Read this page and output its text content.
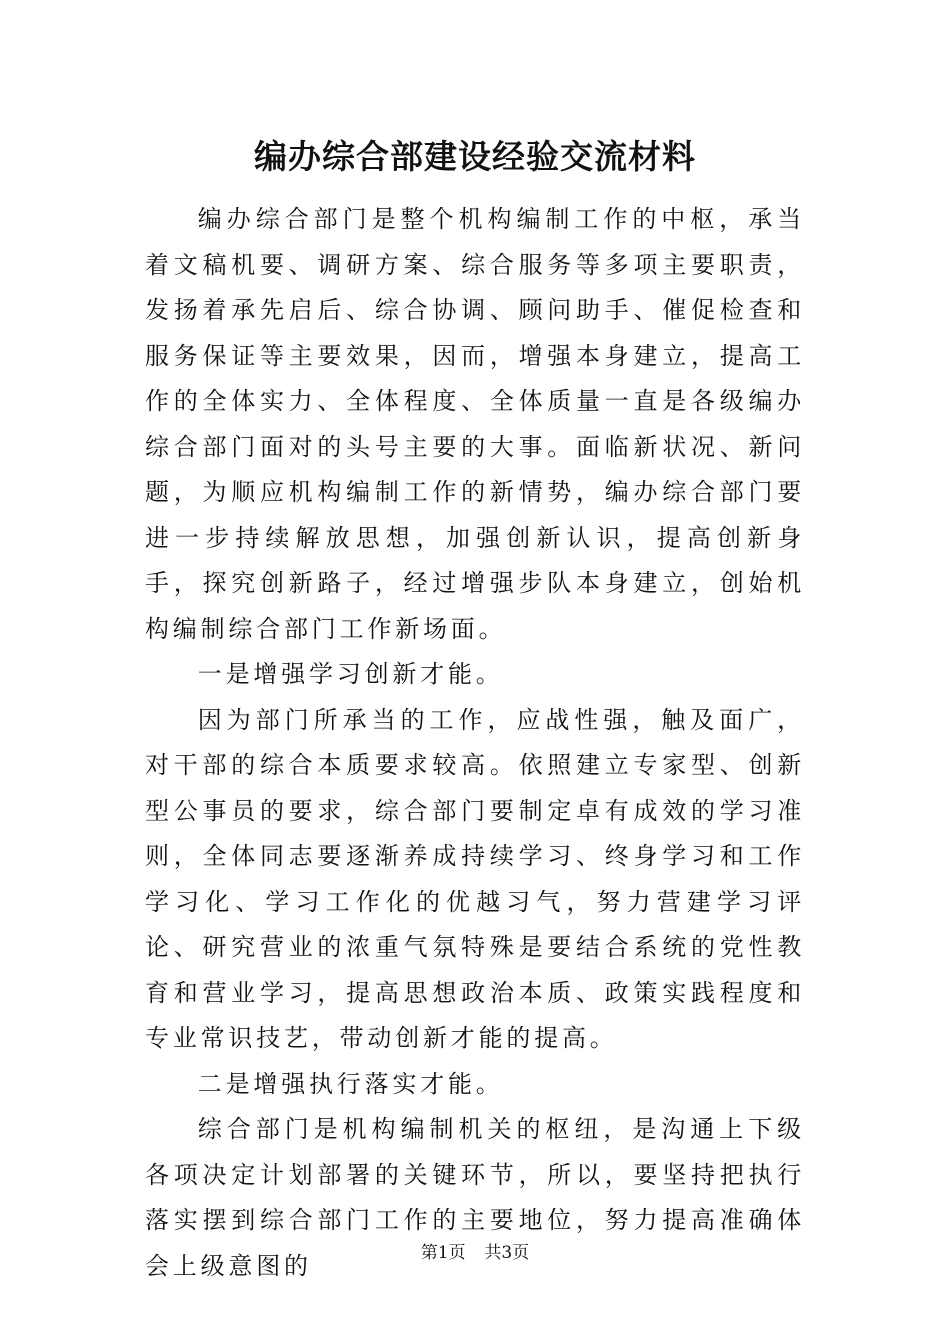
编办综合部建设经验交流材料

编办综合部门是整个机构编制工作的中枢，承当着文稿机要、调研方案、综合服务等多项主要职责，发扬着承先启后、综合协调、顾问助手、催促检查和服务保证等主要效果，因而，增强本身建立，提高工作的全体实力、全体程度、全体质量一直是各级编办综合部门面对的头号主要的大事。面临新状况、新问题，为顺应机构编制工作的新情势，编办综合部门要进一步持续解放思想，加强创新认识，提高创新身手，探究创新路子，经过增强步队本身建立，创始机构编制综合部门工作新场面。

一是增强学习创新才能。

因为部门所承当的工作，应战性强，触及面广，对干部的综合本质要求较高。依照建立专家型、创新型公事员的要求，综合部门要制定卓有成效的学习准则，全体同志要逐渐养成持续学习、终身学习和工作学习化、学习工作化的优越习气，努力营建学习评论、研究营业的浓重气氛特殊是要结合系统的党性教育和营业学习，提高思想政治本质、政策实践程度和专业常识技艺，带动创新才能的提高。

二是增强执行落实才能。

综合部门是机构编制机关的枢纽，是沟通上下级各项决定计划部署的关键环节，所以，要坚持把执行落实摆到综合部门工作的主要地位，努力提高准确体会上级意图的	第1页 共3页
